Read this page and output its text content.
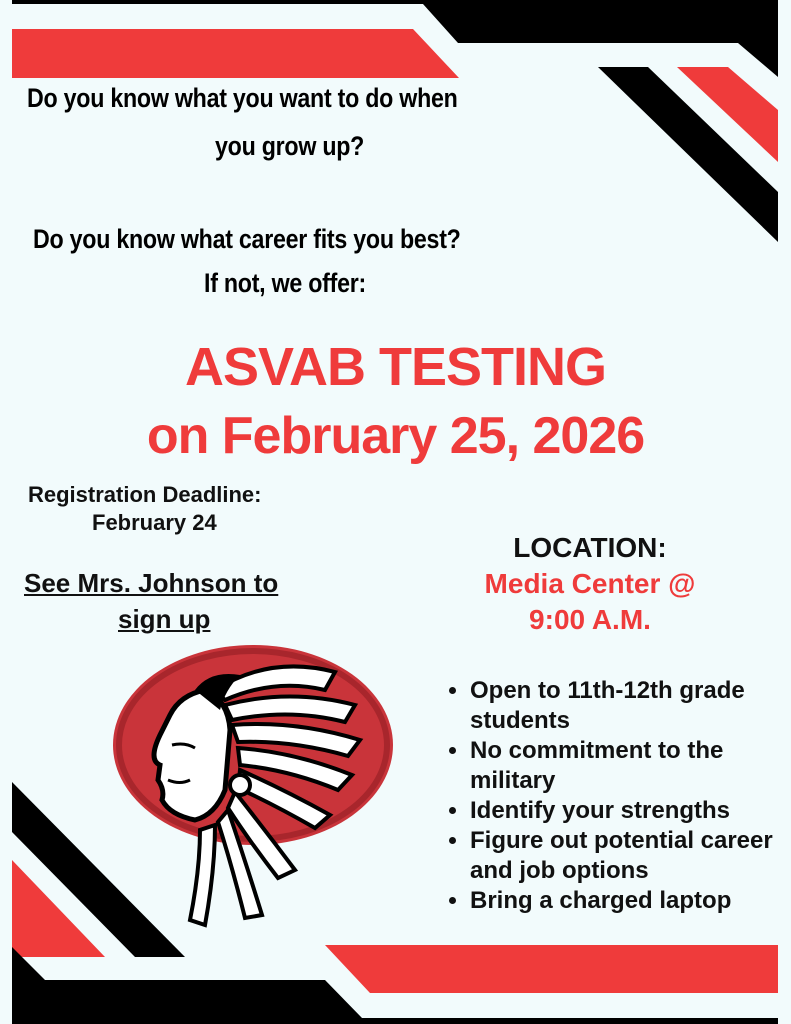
Do you know what you want to do when
you grow up?
Do you know what career fits you best?
If not, we offer:
ASVAB TESTING
on February 25, 2026
Registration Deadline:
February 24
See Mrs. Johnson to
sign up
LOCATION:
Media Center @
9:00 A.M.
• Open to 11th-12th grade students
• No commitment to the military
• Identify your strengths
• Figure out potential career and job options
• Bring a charged laptop
